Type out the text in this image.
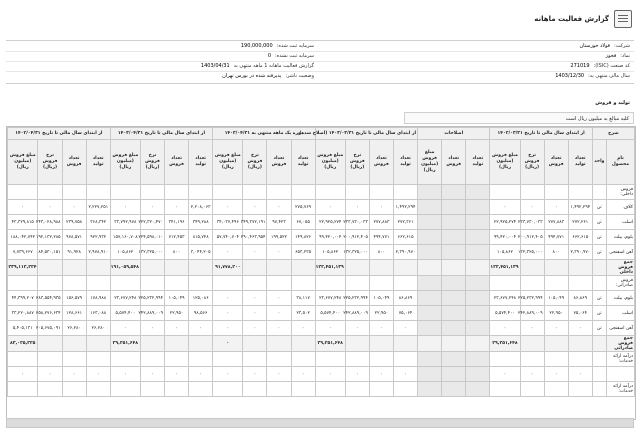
گزارش فعالیت ماهانه
شرکت:
فولاد خوزستان
نماد:
فخوز
کد صنعت (ISIC):
271019
سال مالی منتهی به:
1403/12/30
سرمایه ثبت شده:
190,000,000
سرمایه ثبت نشده:
0
گزارش فعالیت ماهانه 1 ماهه منتهی به
1403/04/31
وضعیت ناشر:
پذیرفته شده در بورس تهران
تولید و فروش
کلیه مبالغ به میلیون ریال است
شرح		از ابتدای سال مالی تا تاریخ ۱۴۰۲/۰۳/۳۱				اصلاحات			از ابتدای سال مالی تا تاریخ ۱۴۰۳/۰۳/۳۱ (اصلاح شده)				دوره یک ماهه منتهی به ۱۴۰۳/۰۴/۳۱				از ابتدای سال مالی تا تاریخ ۱۴۰۳/۰۴/۳۱				از ابتدای سال مالی تا تاریخ ۱۴۰۲/۰۴/۳۱			
نام محصول	واحد	تعداد تولید	تعداد فروش	نرخ فروش (ریال)	مبلغ فروش (میلیون ریال)	تعداد تولید	تعداد فروش	مبلغ فروش (میلیون ریال)	تعداد تولید	تعداد فروش	نرخ فروش (ریال)	مبلغ فروش (میلیون ریال)	تعداد تولید	تعداد فروش	نرخ فروش (ریال)	مبلغ فروش (میلیون ریال)	تعداد تولید	تعداد فروش	نرخ فروش (ریال)	مبلغ فروش (میلیون ریال)	تعداد تولید	تعداد فروش	نرخ فروش (ریال)	مبلغ فروش (میلیون ریال)
فروش داخلی:																								
کلاف	تن	۱,۴۹۲,۲۹۴	۰	۰	۰				۱,۴۹۲,۲۹۴	۰	۰	۰	۲۷۵,۷۶۹	۰	۰	۰	۲,۲۰۸,۰۶۳	۰	۰	۰	۲,۲۲۷,۲۵۱	۰	۰	۰
اسلب	تن	۲۷۲,۲۶۱	۲۷۷,۸۸۳	۲۳۳,۷۳۰,۰۳۳	۲۲,۹۲۵,۲۷۴				۲۷۲,۳۶۱	۲۷۷,۸۸۳	۲۳۳,۷۳۰,۰۳۳	۲۲,۹۲۵,۲۷۴	۶۷,۰۵۵	۹۷,۴۲۳	۳۴۹,۳۷۲,۱۹۱	۳۴,۰۳۷,۴۹۶	۳۴۹,۲۸۸	۳۴۱,۱۹۶	۲۲۲,۳۲۰,۴۷۰	۳۳,۷۹۲,۹۷۸	۳۶۸,۳۴۲	۲۳۹,۷۵۸	۲۴۳,۰۲۸,۹۸۸	۴۳,۳۲۹,۸۱۵
بلوم، بیلت	تن	۶۶۲,۶۱۵	۴۹۴,۷۷۱	۲۰۰,۹۱۲,۴۰۵	۹۹,۴۲۰,۰۰۴				۶۶۲,۶۱۵	۴۹۴,۷۷۱	۲۰۰,۹۱۲,۴۰۵	۹۹,۴۲۰,۰۰۴	۱۴۹,۸۲۶	۱۹۹,۵۲۲	۲۹۰,۴۶۳,۹۵۴	۵۷,۷۴۰,۷۰۴	۸۱۵,۷۴۸	۷۱۲,۴۵۳	۲۲۴,۵۹۸,۰۱۰	۱۵۷,۱۶۰,۷۰۸	۹۲۲,۹۳۲	۹۷۸,۵۷۱	۱۹۲,۱۳۲,۲۸۵	۱۸۸,۰۴۲,۷۴۲
آهن اسفنجی	تن	۲,۳۹۰,۹۷۰	۸۰۰	۱۳۲,۳۲۵,۰۰۰	۱۰۵,۸۶۲				۲,۳۹۰,۹۷۰	۸۰۰	۱۳۲,۳۲۵,۰۰۰	۱۰۵,۸۶۲	۶۵۳,۲۳۵	۰	۰	۰	۳,۰۴۴,۲۰۵	۸۰۰	۱۳۲,۳۲۵,۰۰۰	۱۰۵,۸۶۲	۲,۹۷۸,۹۱۰	۹۱,۹۲۸	۸۴,۵۳۰,۱۵۱	۷,۷۳۹,۶۶۷
جمع فروش داخلی					۱۲۲,۴۵۱,۱۳۹							۱۲۲,۴۵۱,۱۳۹				۹۱,۷۷۸,۲۰۰				۱۹۱,۰۵۹,۵۴۸				۲۳۹,۱۱۲,۲۲۴
فروش صادراتی:																								
بلوم، بیلت	تن	۸۶,۸۶۹	۱۰۵,۰۴۹	۲۲۵,۲۳۲,۹۹۴	۲۳,۶۷۷,۲۴۸				۸۶,۸۶۹	۱۰۵,۰۴۹	۲۲۵,۲۳۲,۹۹۴	۲۳,۶۷۷,۲۴۸	۳۸,۱۱۷	۰	۰	۰	۱۲۵,۰۸۶	۱۰۵,۰۴۹	۲۲۵,۲۳۲,۹۹۴	۲۳,۶۷۷,۲۴۸	۱۷۸,۹۸۸	۱۵۶,۵۷۹	۲۸۳,۵۵۴,۹۳۵	۴۴,۳۹۹,۲۰۷
اسلب	تن	۷۵,۰۶۴	۲۲,۹۵۰	۲۴۲,۸۸۹,۰۰۹	۵,۵۷۴,۴۰۰				۷۵,۰۶۴	۲۲,۹۵۰	۲۴۲,۸۸۹,۰۰۹	۵,۵۷۴,۴۰۰	۲۳,۵۰۲	۰	۰	۰	۹۸,۵۶۶	۲۲,۹۵۰	۲۴۲,۸۸۹,۰۰۹	۵,۵۷۴,۴۰۰	۱۶۳,۰۸۸	۱۲۸,۶۶۱	۲۵۸,۲۷۶,۶۳۴	۳۳,۲۲۰,۸۸۷
آهن اسفنجی	تن	۰	۰	۰	۰				۰	۰	۰	۰	۰	۰	۰	۰	۰	۰	۰	۰	۲۶,۲۸۰	۲۶,۲۸۰	۲۰۵,۶۷۵,۰۹۱	۵,۴۰۵,۱۳۱
جمع فروش صادراتی					۲۹,۲۵۱,۶۴۸							۲۹,۲۵۱,۶۴۸				۰				۲۹,۲۵۱,۶۴۸				۸۳,۰۲۵,۲۲۵
درآمد ارائه خدمات:																								
		۰	۰	۰	۰				۰	۰	۰	۰	۰	۰	۰	۰	۰	۰	۰	۰	۰	۰	۰	۰
درآمد ارائه خدمات:																								
